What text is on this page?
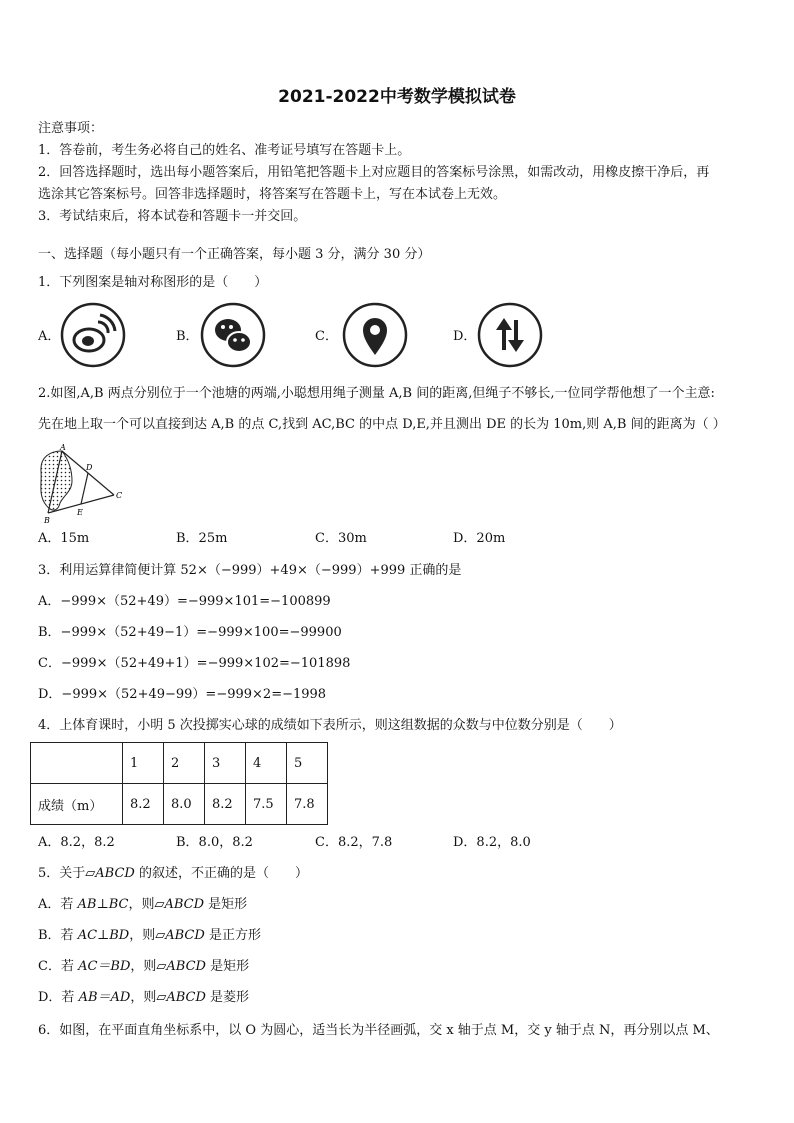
2021-2022中考数学模拟试卷
注意事项：
1．答卷前，考生务必将自己的姓名、准考证号填写在答题卡上。
2．回答选择题时，选出每小题答案后，用铅笔把答题卡上对应题目的答案标号涂黑，如需改动，用橡皮擦干净后，再
选涂其它答案标号。回答非选择题时，将答案写在答题卡上，写在本试卷上无效。
3．考试结束后，将本试卷和答题卡一并交回。
一、选择题（每小题只有一个正确答案，每小题 3 分，满分 30 分）
1．下列图案是轴对称图形的是（　　）
A．	B．	C．	D．
2.如图,A,B 两点分别位于一个池塘的两端,小聪想用绳子测量 A,B 间的距离,但绳子不够长,一位同学帮他想了一个主意:
先在地上取一个可以直接到达 A,B 的点 C,找到 AC,BC 的中点 D,E,并且测出 DE 的长为 10m,则 A,B 间的距离为（ ）
A
B
C
D
E
A．15m	B．25m	C．30m	D．20m
3．利用运算律简便计算 52×（−999）+49×（−999）+999 正确的是
A．−999×（52+49）=−999×101=−100899
B．−999×（52+49−1）=−999×100=−99900
C．−999×（52+49+1）=−999×102=−101898
D．−999×（52+49−99）=−999×2=−1998
4．上体育课时，小明 5 次投掷实心球的成绩如下表所示，则这组数据的众数与中位数分别是（　　）
	1	2	3	4	5
成绩（m）	8.2	8.0	8.2	7.5	7.8
A．8.2，8.2	B．8.0，8.2	C．8.2，7.8	D．8.2，8.0
5．关于▱ABCD 的叙述，不正确的是（　　）
A．若 AB⊥BC，则▱ABCD 是矩形
B．若 AC⊥BD，则▱ABCD 是正方形
C．若 AC＝BD，则▱ABCD 是矩形
D．若 AB＝AD，则▱ABCD 是菱形
6．如图，在平面直角坐标系中，以 O 为圆心，适当长为半径画弧，交 x 轴于点 M，交 y 轴于点 N，再分别以点 M、
